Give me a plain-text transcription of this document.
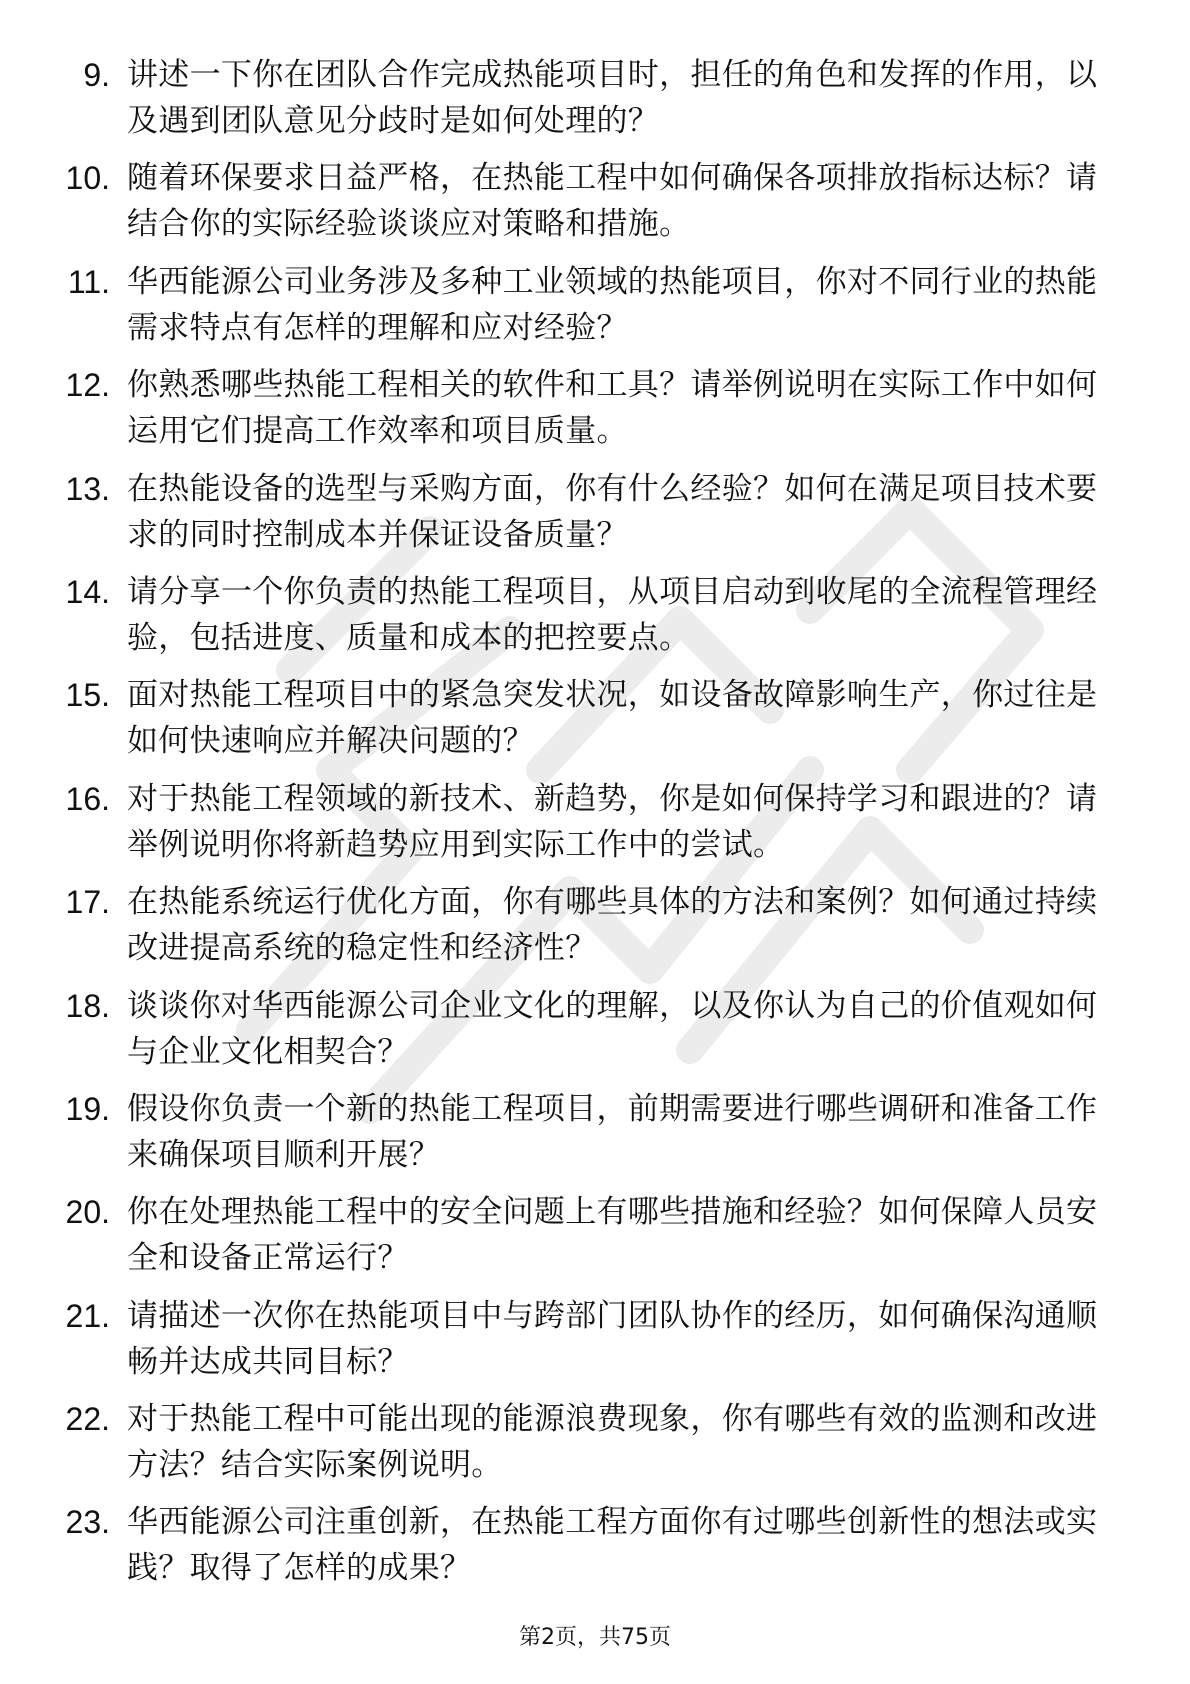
9. 讲述一下你在团队合作完成热能项目时，担任的角色和发挥的作用，以及遇到团队意见分歧时是如何处理的？
10. 随着环保要求日益严格，在热能工程中如何确保各项排放指标达标？请结合你的实际经验谈谈应对策略和措施。
11. 华西能源公司业务涉及多种工业领域的热能项目，你对不同行业的热能需求特点有怎样的理解和应对经验？
12. 你熟悉哪些热能工程相关的软件和工具？请举例说明在实际工作中如何运用它们提高工作效率和项目质量。
13. 在热能设备的选型与采购方面，你有什么经验？如何在满足项目技术要求的同时控制成本并保证设备质量？
14. 请分享一个你负责的热能工程项目，从项目启动到收尾的全流程管理经验，包括进度、质量和成本的把控要点。
15. 面对热能工程项目中的紧急突发状况，如设备故障影响生产，你过往是如何快速响应并解决问题的？
16. 对于热能工程领域的新技术、新趋势，你是如何保持学习和跟进的？请举例说明你将新趋势应用到实际工作中的尝试。
17. 在热能系统运行优化方面，你有哪些具体的方法和案例？如何通过持续改进提高系统的稳定性和经济性？
18. 谈谈你对华西能源公司企业文化的理解，以及你认为自己的价值观如何与企业文化相契合？
19. 假设你负责一个新的热能工程项目，前期需要进行哪些调研和准备工作来确保项目顺利开展？
20. 你在处理热能工程中的安全问题上有哪些措施和经验？如何保障人员安全和设备正常运行？
21. 请描述一次你在热能项目中与跨部门团队协作的经历，如何确保沟通顺畅并达成共同目标？
22. 对于热能工程中可能出现的能源浪费现象，你有哪些有效的监测和改进方法？结合实际案例说明。
23. 华西能源公司注重创新，在热能工程方面你有过哪些创新性的想法或实践？取得了怎样的成果？
第2页，共75页
